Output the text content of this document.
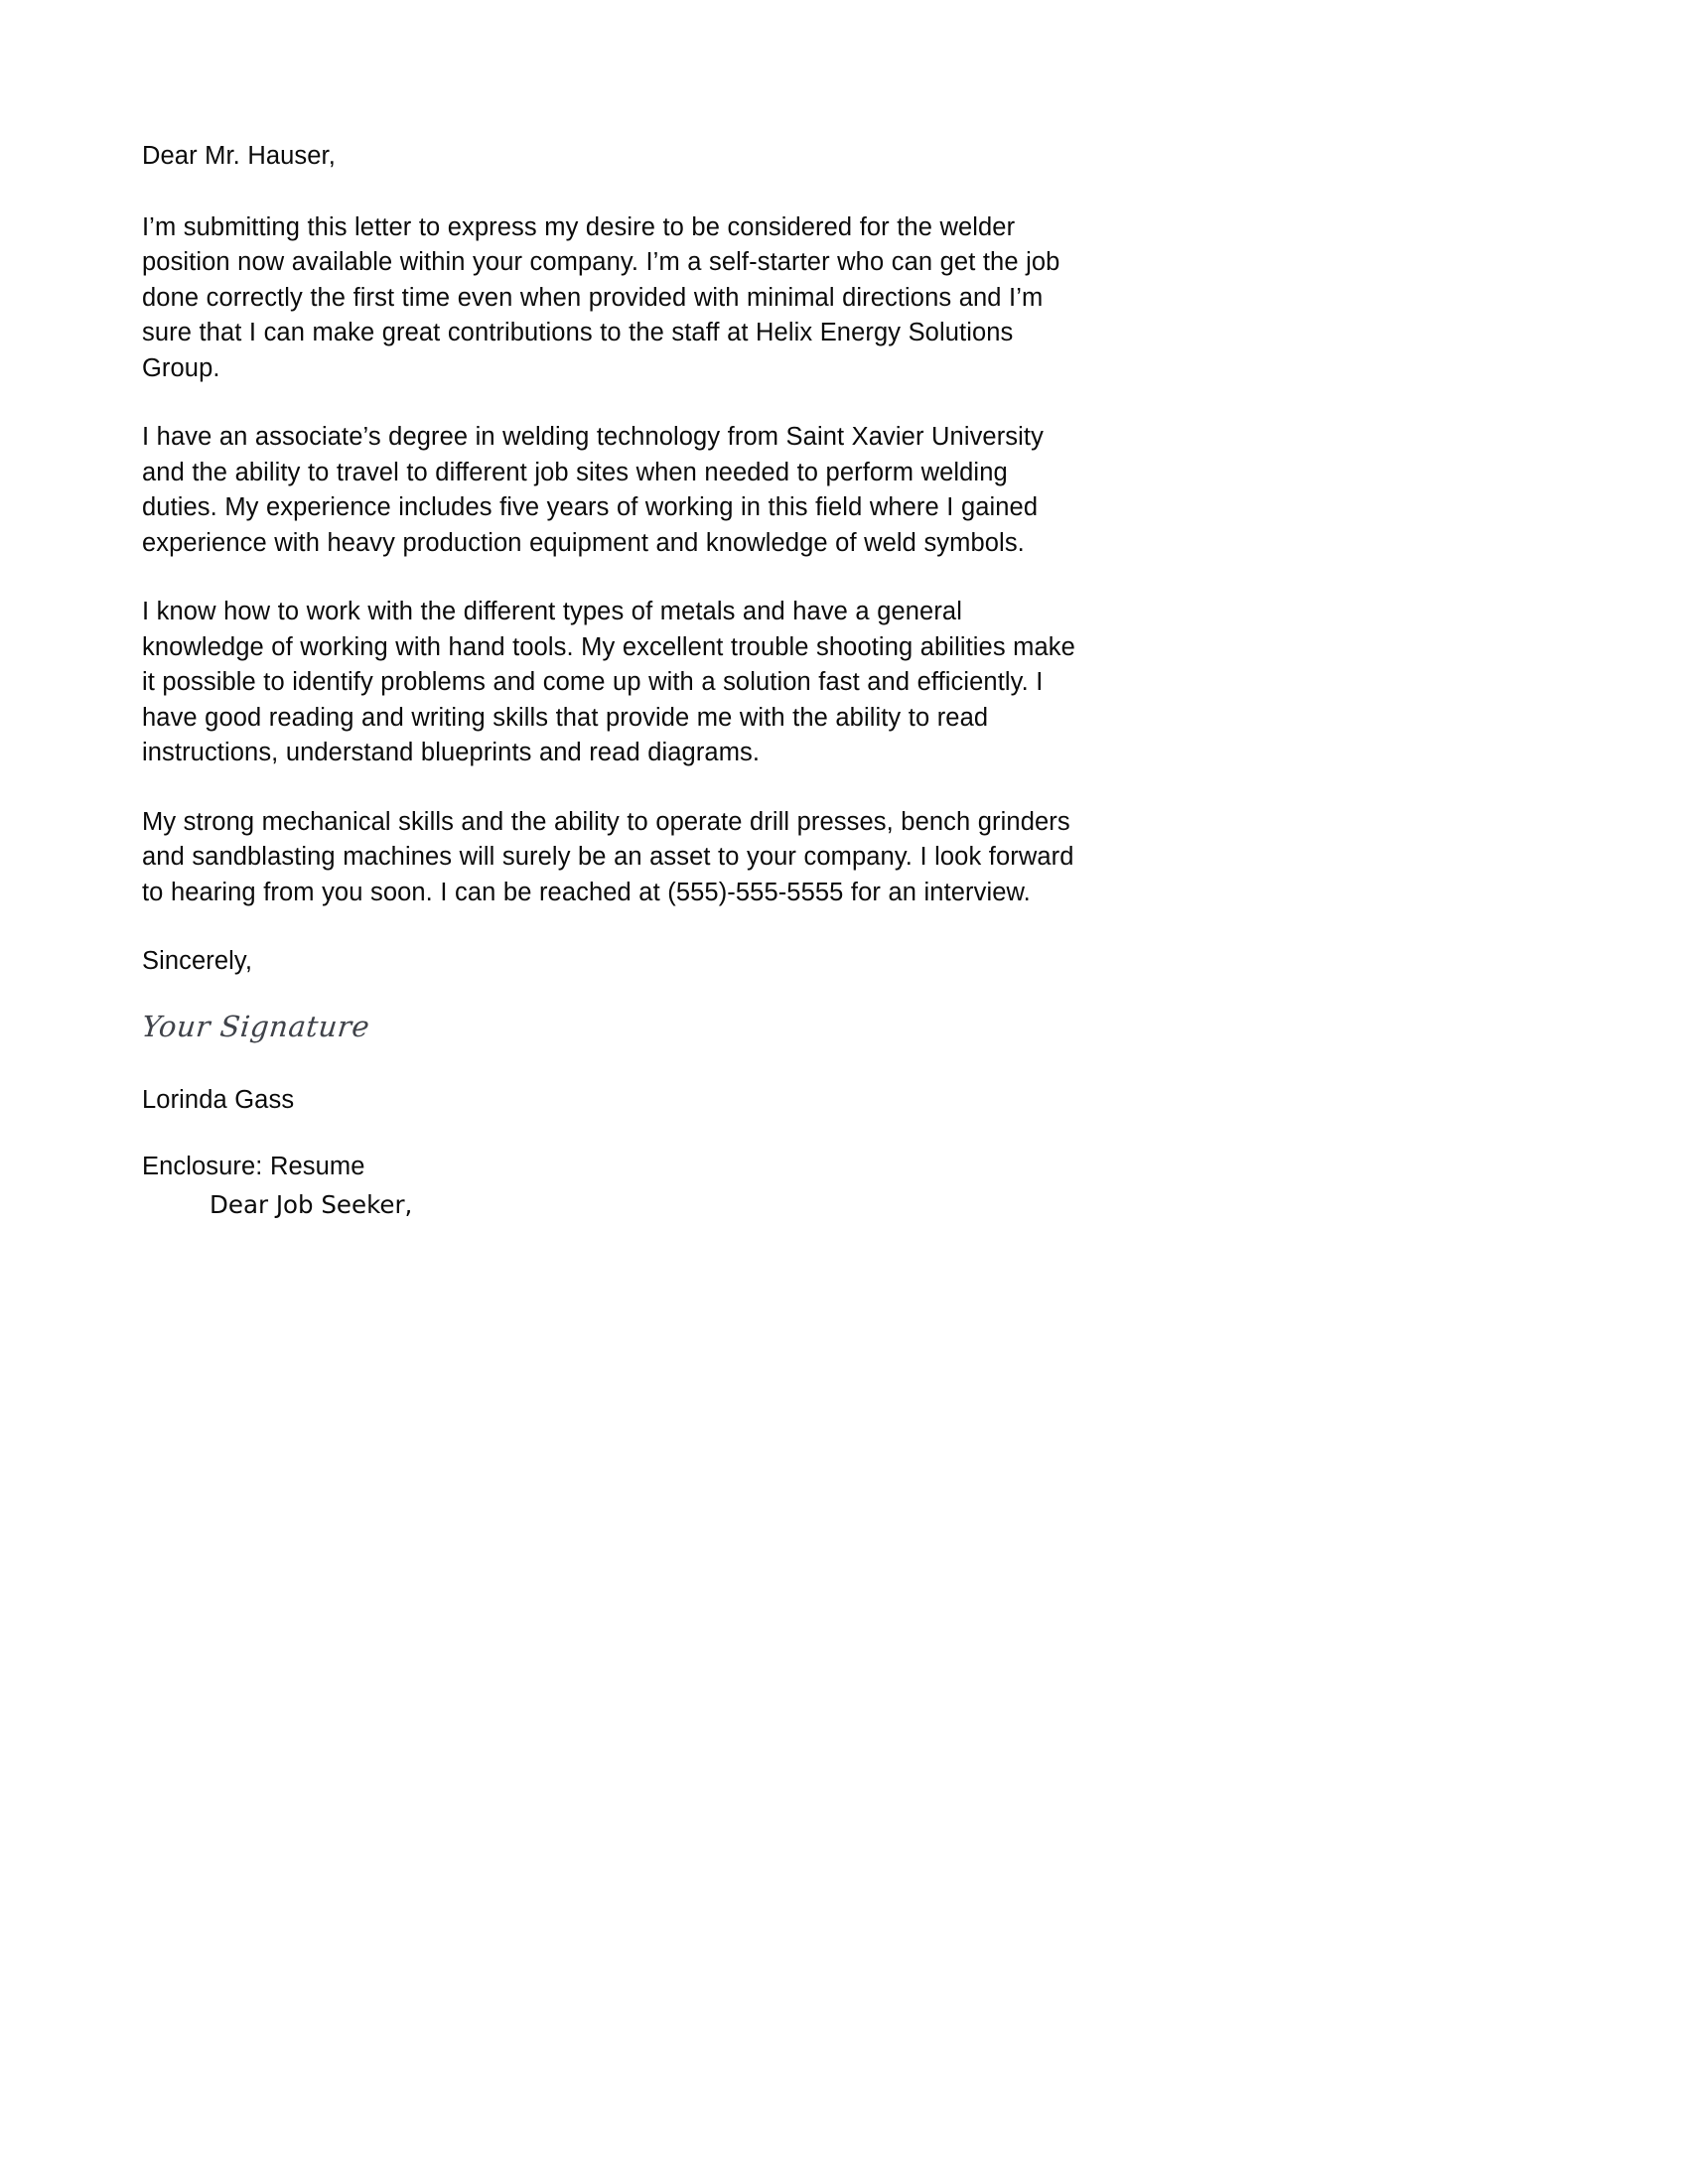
Dear Mr. Hauser,

I’m submitting this letter to express my desire to be considered for the welder position now available within your company. I’m a self-starter who can get the job done correctly the first time even when provided with minimal directions and I’m sure that I can make great contributions to the staff at Helix Energy Solutions Group.

I have an associate’s degree in welding technology from Saint Xavier University and the ability to travel to different job sites when needed to perform welding duties. My experience includes five years of working in this field where I gained experience with heavy production equipment and knowledge of weld symbols.

I know how to work with the different types of metals and have a general knowledge of working with hand tools. My excellent trouble shooting abilities make it possible to identify problems and come up with a solution fast and efficiently. I have good reading and writing skills that provide me with the ability to read instructions, understand blueprints and read diagrams.

My strong mechanical skills and the ability to operate drill presses, bench grinders and sandblasting machines will surely be an asset to your company. I look forward to hearing from you soon. I can be reached at (555)-555-5555 for an interview.

Sincerely,

Your Signature

Lorinda Gass

Enclosure: Resume

Dear Job Seeker,
